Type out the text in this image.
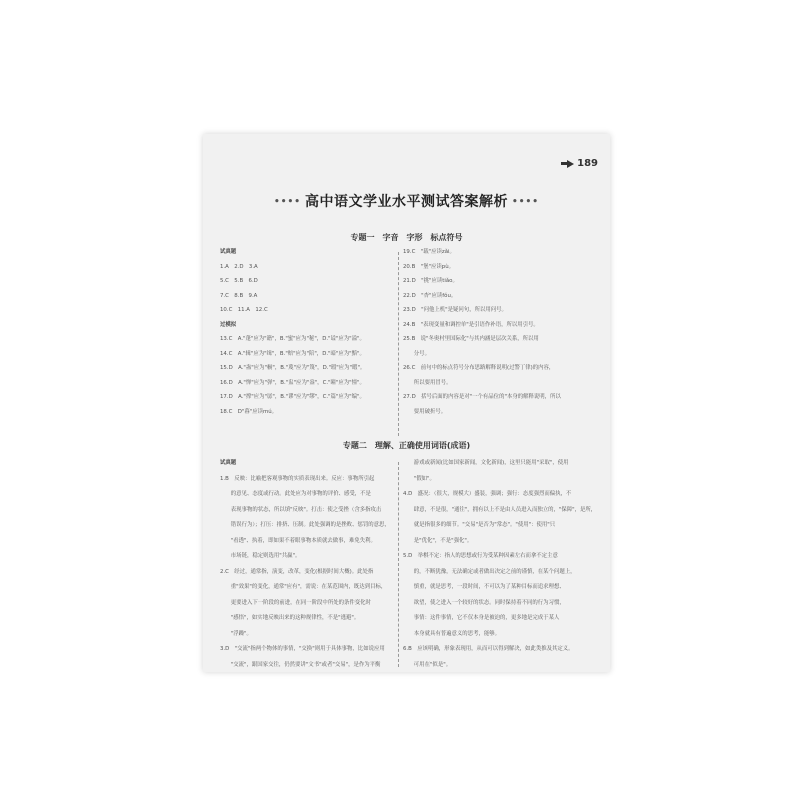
189
•••• 高中语文学业水平测试答案解析 ••••
专题一　字音　字形　标点符号
试真题
1.A　2.D　3.A
5.C　5.B　6.D
7.C　8.B　9.A
10.C　11.A　12.C
过模拟
13.C　A."蓬"应为"籍"，B."蜜"应为"秘"，D."谥"应为"溢"。
14.C　A."辑"应为"缉"，B."赔"应为"陪"，D."暗"应为"黯"。
15.D　A."蛊"应为"橱"，B."蔑"应为"篾"，D."瑕"应为"暇"。
16.D　A."惮"应为"弹"，B."盅"应为"盎"，C."瞳"应为"憧"。
17.D　A."撑"应为"孱"，B."谬"应为"缪"，C."篇"应为"编"。
18.C　D"暮"应读mú。
19.C　"载"应读zǎi。
20.B　"堡"应读pù。
21.D　"挑"应读tiǎo。
22.D　"杏"应读fǒu。
23.D　"问他上机"是疑问句，所以用问号。
24.B　"表现变量和调控单"是引语作补语，所以用引号。
25.B　说"冬奥村里国际化"与其内涵是层次关系，所以用
　　分号。
26.C　前句中的标点符号分布思路解释说明(过警丁律)的内容，
　　所以要用冒号。
27.D　括号后面的内容是对"一个有品位的"本身的解释说明，所以
　　要用破折号。
专题二　理解、正确使用词语(成语)
试真题
1.B　反映：比喻把客观事物的实质表现出来。反应：事物所引起
　　的意见、态度或行动。此处应为对事物的评价、感受，不是
　　表现事物的状态，所以填"反映"。打击：使之受挫（含多指攻击
　　错误行为）；打压：排挤、压制。此处强调的是挫败、惩罚的意思，
　　"看透"、执着，即如果不着眼事物本质就去做事，难免失利。
　　市场链，稳定则选用"共赢"。
2.C　经过，通常指，演变，改革，变化(根据时间大概)。此处指
　　重"效果"的变化，通常"应有"，需说：在某范围内，既达到目标，
　　更要进入下一阶段的前进，在同一阶段中所处的条件变化时
　　"感悟"，如实地反映出来的这种规律性，不是"逃避"。
　　"浮躁"。
3.D　"交流"指两个物体的事情，"交换"则用于具体事物，比如说应用
　　"交流"，跟国家交往，仍然要讲"文书"或者"交易"，是作为平衡
　　游戏或新闻(比如国家新闻，文化新闻)，这里只能用"采取"，使用
　　"假如"。
4.D　盛况：（很大，规模大）盛装，强调；强行：态度强烈而偏执，不
　　肆意，不是很，"通往"，拥有以上不是由人员进入而独立的，"保障"，是所，
　　就是指很多的细节。"交易"是否为"常态"。"使用"：使用"只
　　是"优化"，不是"强化"。
5.D　举棋不定：指人的思想或行为受某种因素左右而拿不定主意
　　的，不断犹豫，无法确定或者做出决定之前的谨慎，在某个问题上，
　　慎重，就是思考，一段时间，不可以为了某种目标而追求理想、
　　欲望，使之进入一个较好的状态。同时保持着不同的行为习惯，
　　事情：这件事情，它不仅本身是被迫的，更多地是完成于某人
　　本身就具有普遍意义的思考，能够。
6.B　应该明确，形象表现用，从而可以得到解决，如此类推及其定义。
　　可用在"似是"。
